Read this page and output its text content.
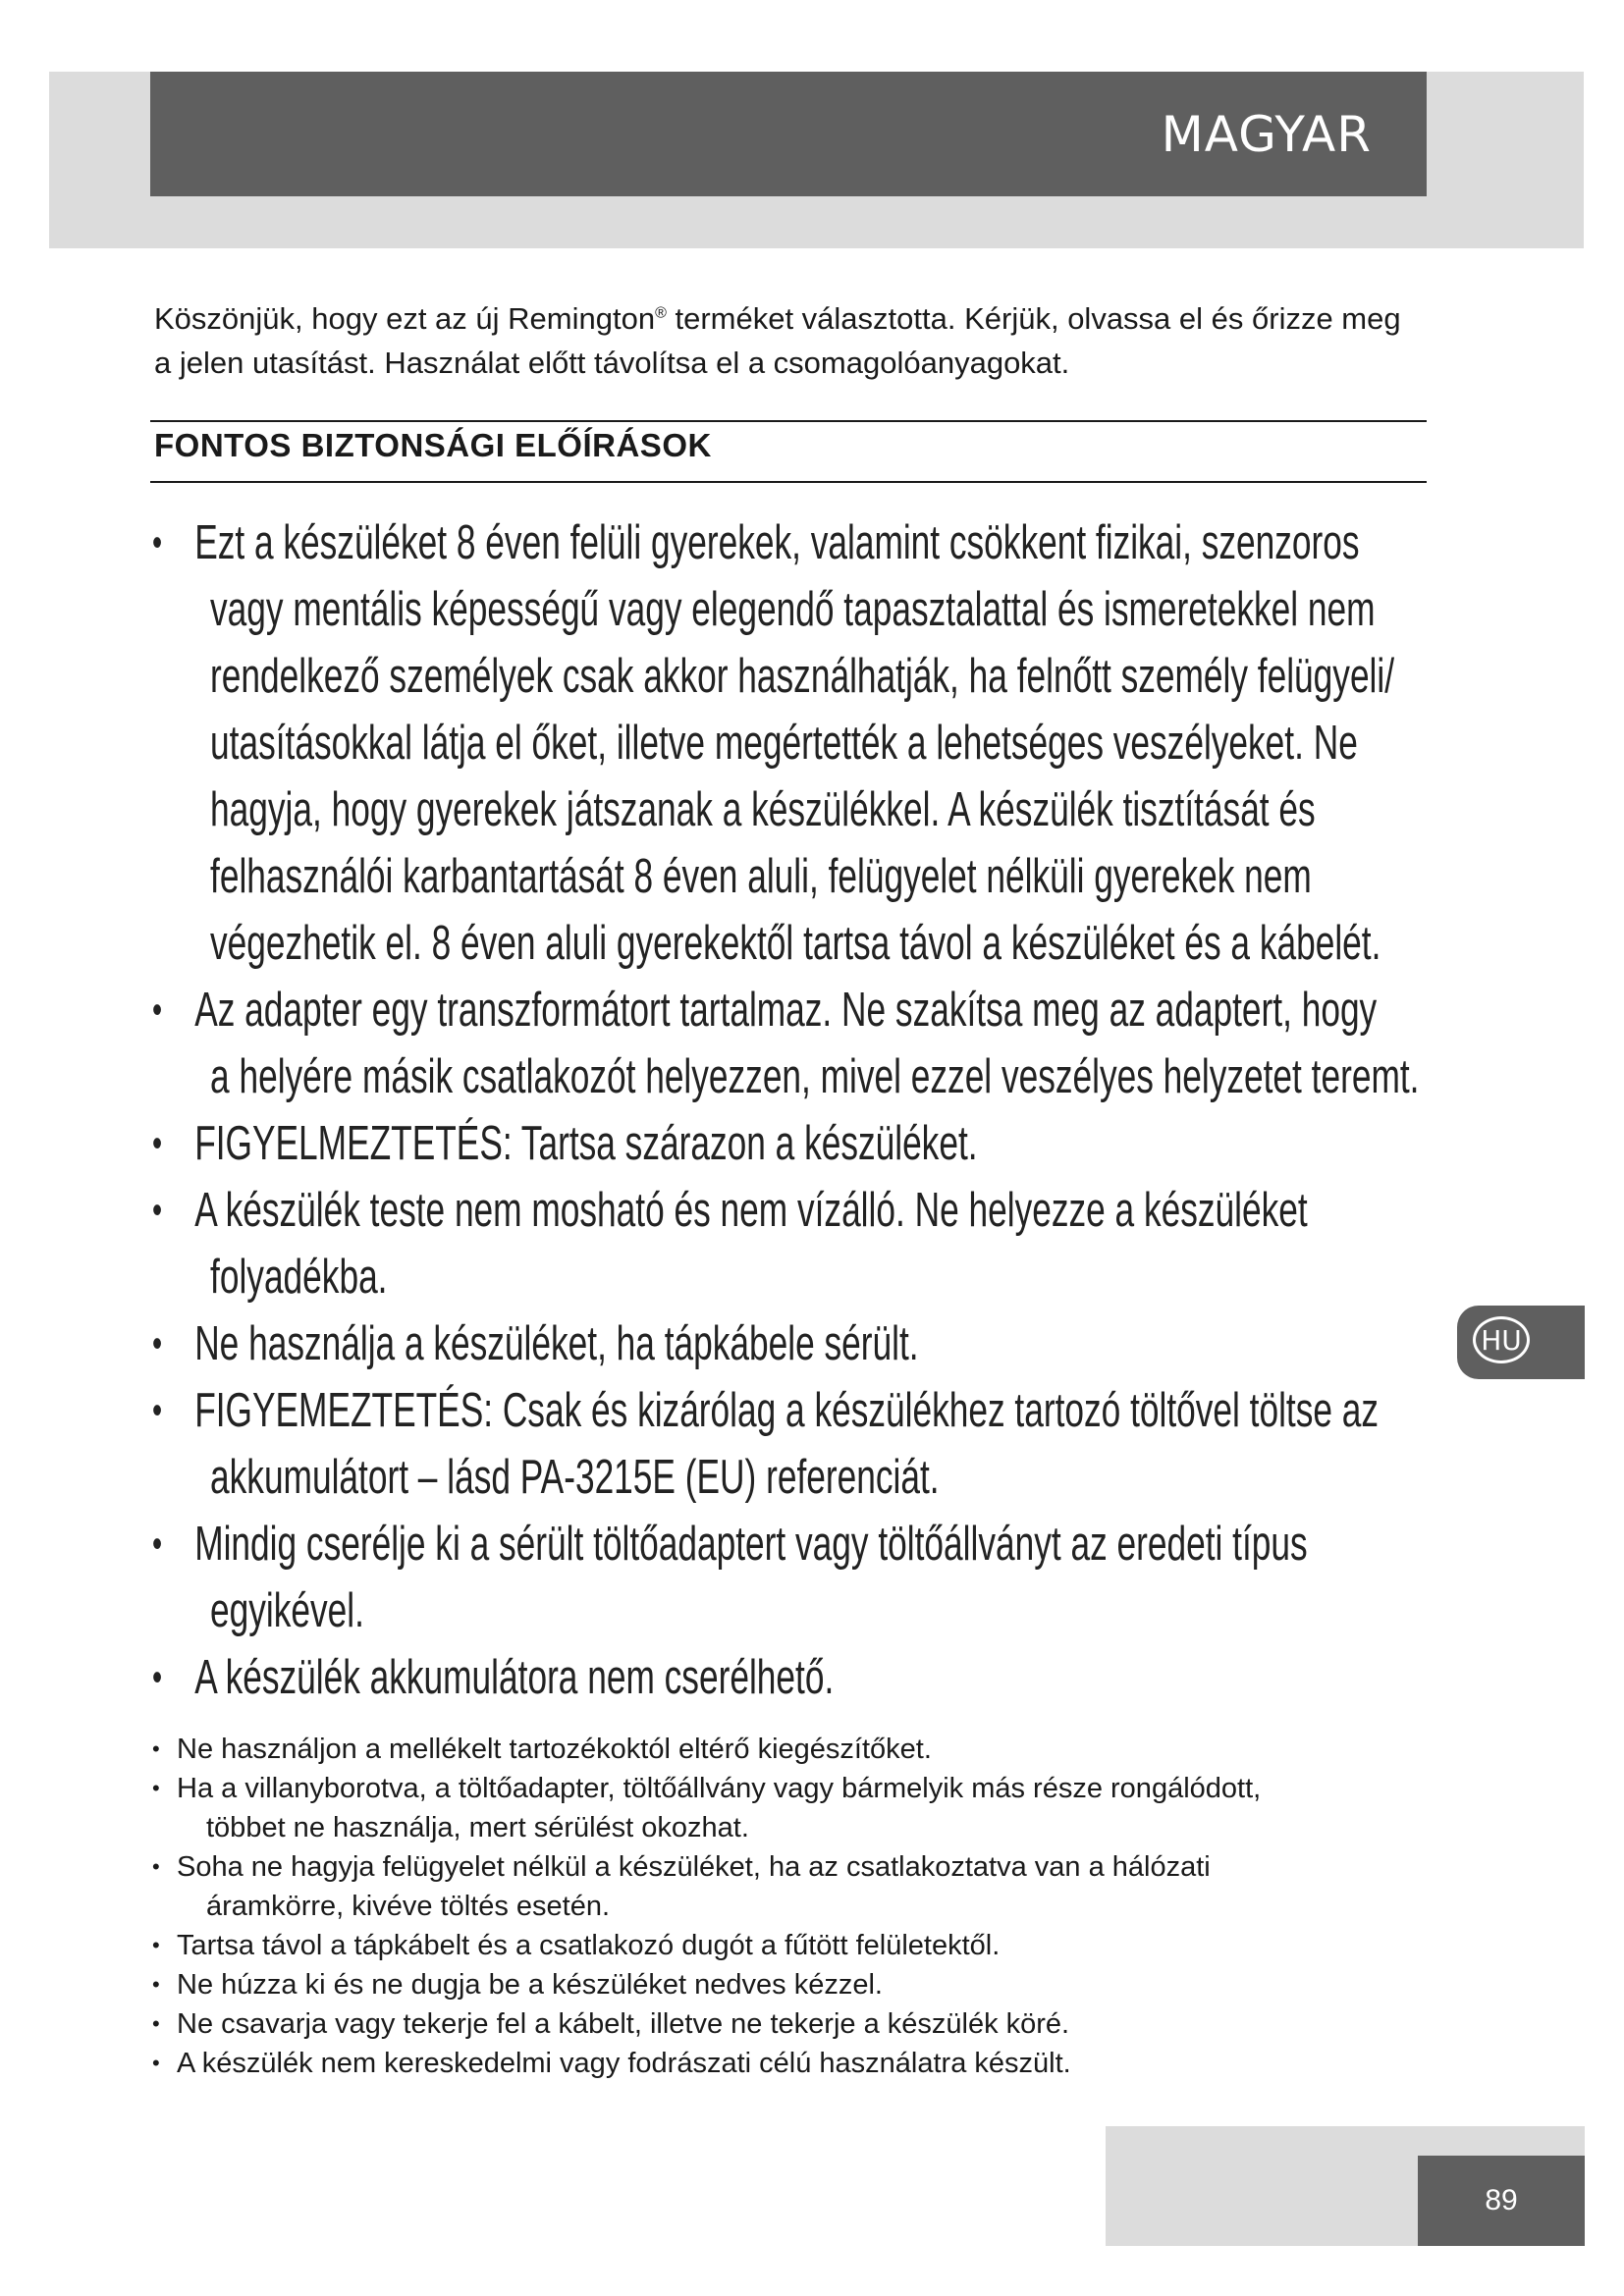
MAGYAR
Köszönjük, hogy ezt az új Remington® terméket választotta. Kérjük, olvassa el és őrizze meg
a jelen utasítást. Használat előtt távolítsa el a csomagolóanyagokat.
FONTOS BIZTONSÁGI ELŐÍRÁSOK
• Ezt a készüléket 8 éven felüli gyerekek, valamint csökkent fizikai, szenzoros
vagy mentális képességű vagy elegendő tapasztalattal és ismeretekkel nem
rendelkező személyek csak akkor használhatják, ha felnőtt személy felügyeli/
utasításokkal látja el őket, illetve megértették a lehetséges veszélyeket. Ne
hagyja, hogy gyerekek játszanak a készülékkel. A készülék tisztítását és
felhasználói karbantartását 8 éven aluli, felügyelet nélküli gyerekek nem
végezhetik el. 8 éven aluli gyerekektől tartsa távol a készüléket és a kábelét.
• Az adapter egy transzformátort tartalmaz. Ne szakítsa meg az adaptert, hogy
a helyére másik csatlakozót helyezzen, mivel ezzel veszélyes helyzetet teremt.
• FIGYELMEZTETÉS: Tartsa szárazon a készüléket.
• A készülék teste nem mosható és nem vízálló. Ne helyezze a készüléket
folyadékba.
• Ne használja a készüléket, ha tápkábele sérült.
• FIGYEMEZTETÉS: Csak és kizárólag a készülékhez tartozó töltővel töltse az
akkumulátort – lásd PA-3215E (EU) referenciát.
• Mindig cserélje ki a sérült töltőadaptert vagy töltőállványt az eredeti típus
egyikével.
• A készülék akkumulátora nem cserélhető.
• Ne használjon a mellékelt tartozékoktól eltérő kiegészítőket.
• Ha a villanyborotva, a töltőadapter, töltőállvány vagy bármelyik más része rongálódott,
többet ne használja, mert sérülést okozhat.
• Soha ne hagyja felügyelet nélkül a készüléket, ha az csatlakoztatva van a hálózati
áramkörre, kivéve töltés esetén.
• Tartsa távol a tápkábelt és a csatlakozó dugót a fűtött felületektől.
• Ne húzza ki és ne dugja be a készüléket nedves kézzel.
• Ne csavarja vagy tekerje fel a kábelt, illetve ne tekerje a készülék köré.
• A készülék nem kereskedelmi vagy fodrászati célú használatra készült.
HU
89
